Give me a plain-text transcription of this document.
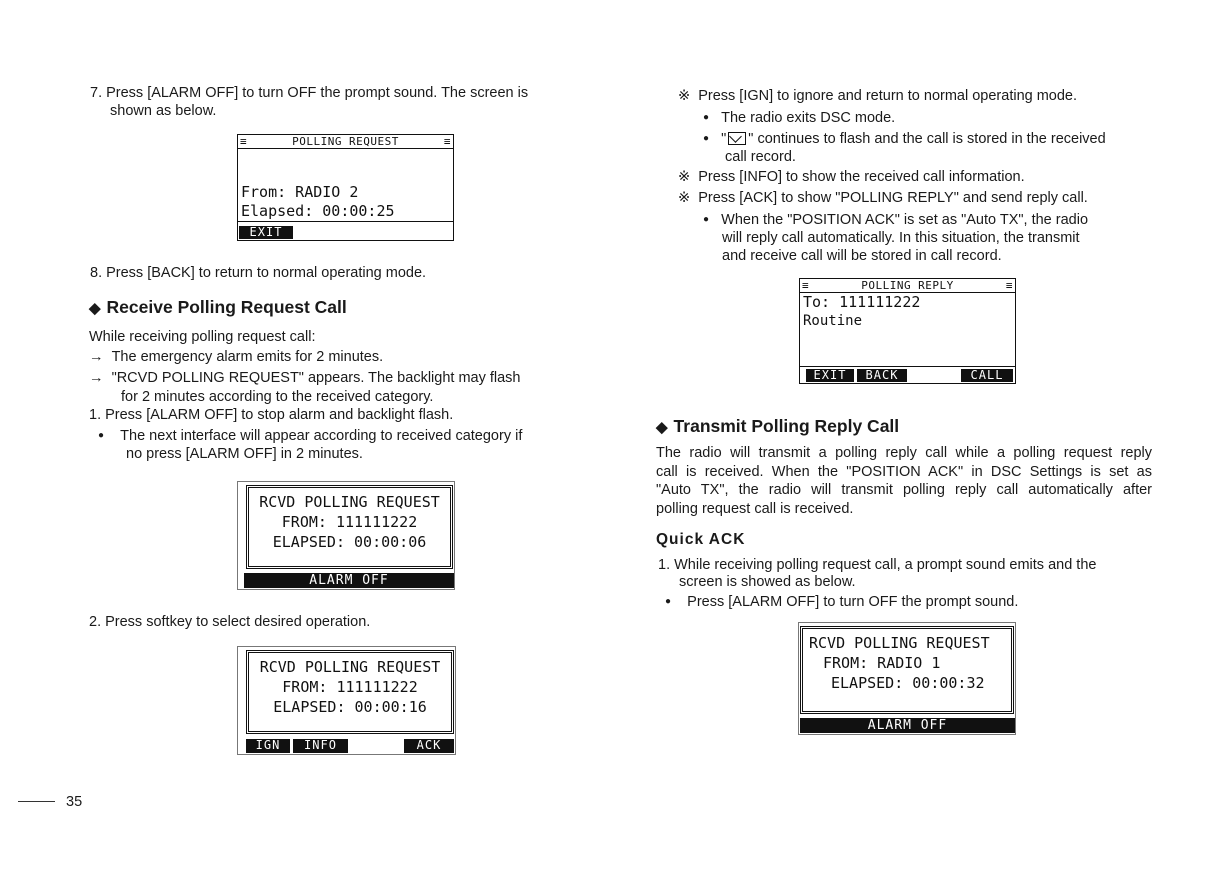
7. Press [ALARM OFF] to turn OFF the prompt sound. The screen is
shown as below.
≡	POLLING REQUEST	≡
From: RADIO 2
Elapsed: 00:00:25
EXIT
8. Press [BACK] to return to normal operating mode.
◆ Receive Polling Request Call
While receiving polling request call:
→ The emergency alarm emits for 2 minutes.
→ "RCVD POLLING REQUEST" appears. The backlight may flash
for 2 minutes according to the received category.
1. Press [ALARM OFF] to stop alarm and backlight flash.
● The next interface will appear according to received category if
no press [ALARM OFF] in 2 minutes.
RCVD POLLING REQUEST
FROM: 111111222
ELAPSED: 00:00:06
ALARM OFF
2. Press softkey to select desired operation.
RCVD POLLING REQUEST
FROM: 111111222
ELAPSED: 00:00:16
IGN	INFO	ACK
※ Press [IGN] to ignore and return to normal operating mode.
● The radio exits DSC mode.
● " " continues to flash and the call is stored in the received
call record.
※ Press [INFO] to show the received call information.
※ Press [ACK] to show "POLLING REPLY" and send reply call.
● When the "POSITION ACK" is set as "Auto TX", the radio
will reply call automatically. In this situation, the transmit
and receive call will be stored in call record.
≡	POLLING REPLY	≡
To: 111111222
Routine
EXIT	BACK	CALL
◆ Transmit Polling Reply Call
The radio will transmit a polling reply call while a polling request reply
call is received. When the "POSITION ACK" in DSC Settings is set as
"Auto TX", the radio will transmit polling reply call automatically after
polling request call is received.
Quick ACK
1. While receiving polling request call, a prompt sound emits and the
screen is showed as below.
● Press [ALARM OFF] to turn OFF the prompt sound.
RCVD POLLING REQUEST
FROM: RADIO 1
ELAPSED: 00:00:32
ALARM OFF
35
